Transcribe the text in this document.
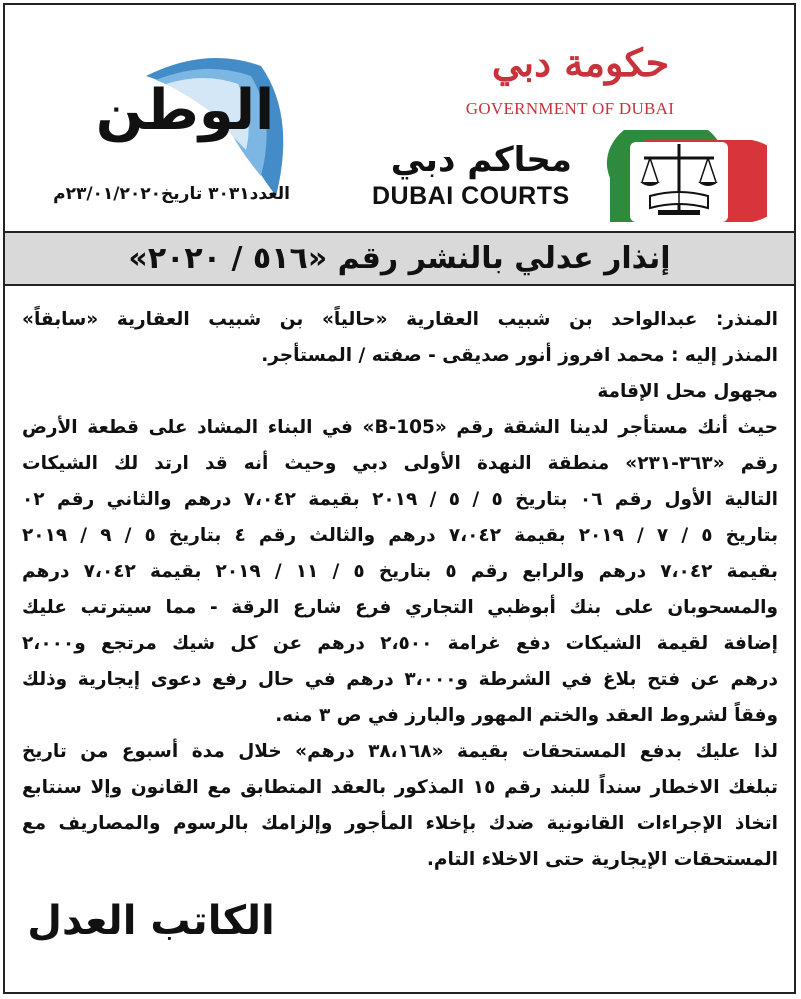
حكومة دبي
GOVERNMENT OF DUBAI
محاكم دبي
DUBAI COURTS
الوطن
العدد٣٠٣١ تاريخ٢٣/٠١/٢٠٢٠م
إنذار عدلي بالنشر رقم «٥١٦ / ٢٠٢٠»
المنذر: عبدالواحد بن شبيب العقارية «حالياً» بن شبيب العقارية «سابقاً»
المنذر إليه : محمد افروز أنور صديقى - صفته / المستأجر.
مجهول محل الإقامة
حيث أنك مستأجر لدينا الشقة رقم «B-105» في البناء المشاد على قطعة الأرض
رقم «٣٦٣-٢٣١» منطقة النهدة الأولى دبي وحيث أنه قد ارتد لك الشيكات
التالية الأول رقم ٠٦ بتاريخ ٥ / ٥ / ٢٠١٩ بقيمة ٧،٠٤٢ درهم والثاني رقم ٠٢
بتاريخ ٥ / ٧ / ٢٠١٩ بقيمة ٧،٠٤٢ درهم والثالث رقم ٤ بتاريخ ٥ / ٩ / ٢٠١٩
بقيمة ٧،٠٤٢ درهم والرابع رقم ٥ بتاريخ ٥ / ١١ / ٢٠١٩ بقيمة ٧،٠٤٢ درهم
والمسحوبان على بنك أبوظبي التجاري فرع شارع الرقة - مما سيترتب عليك
إضافة لقيمة الشيكات دفع غرامة ٢،٥٠٠ درهم عن كل شيك مرتجع و٢،٠٠٠
درهم عن فتح بلاغ في الشرطة و٣،٠٠٠ درهم في حال رفع دعوى إيجارية وذلك
وفقاً لشروط العقد والختم المهور والبارز في ص ٣ منه.
لذا عليك بدفع المستحقات بقيمة «٣٨،١٦٨ درهم» خلال مدة أسبوع من تاريخ
تبلغك الاخطار سنداً للبند رقم ١٥ المذكور بالعقد المتطابق مع القانون وإلا سنتابع
اتخاذ الإجراءات القانونية ضدك بإخلاء المأجور وإلزامك بالرسوم والمصاريف مع
المستحقات الإيجارية حتى الاخلاء التام.
الكاتب العدل
